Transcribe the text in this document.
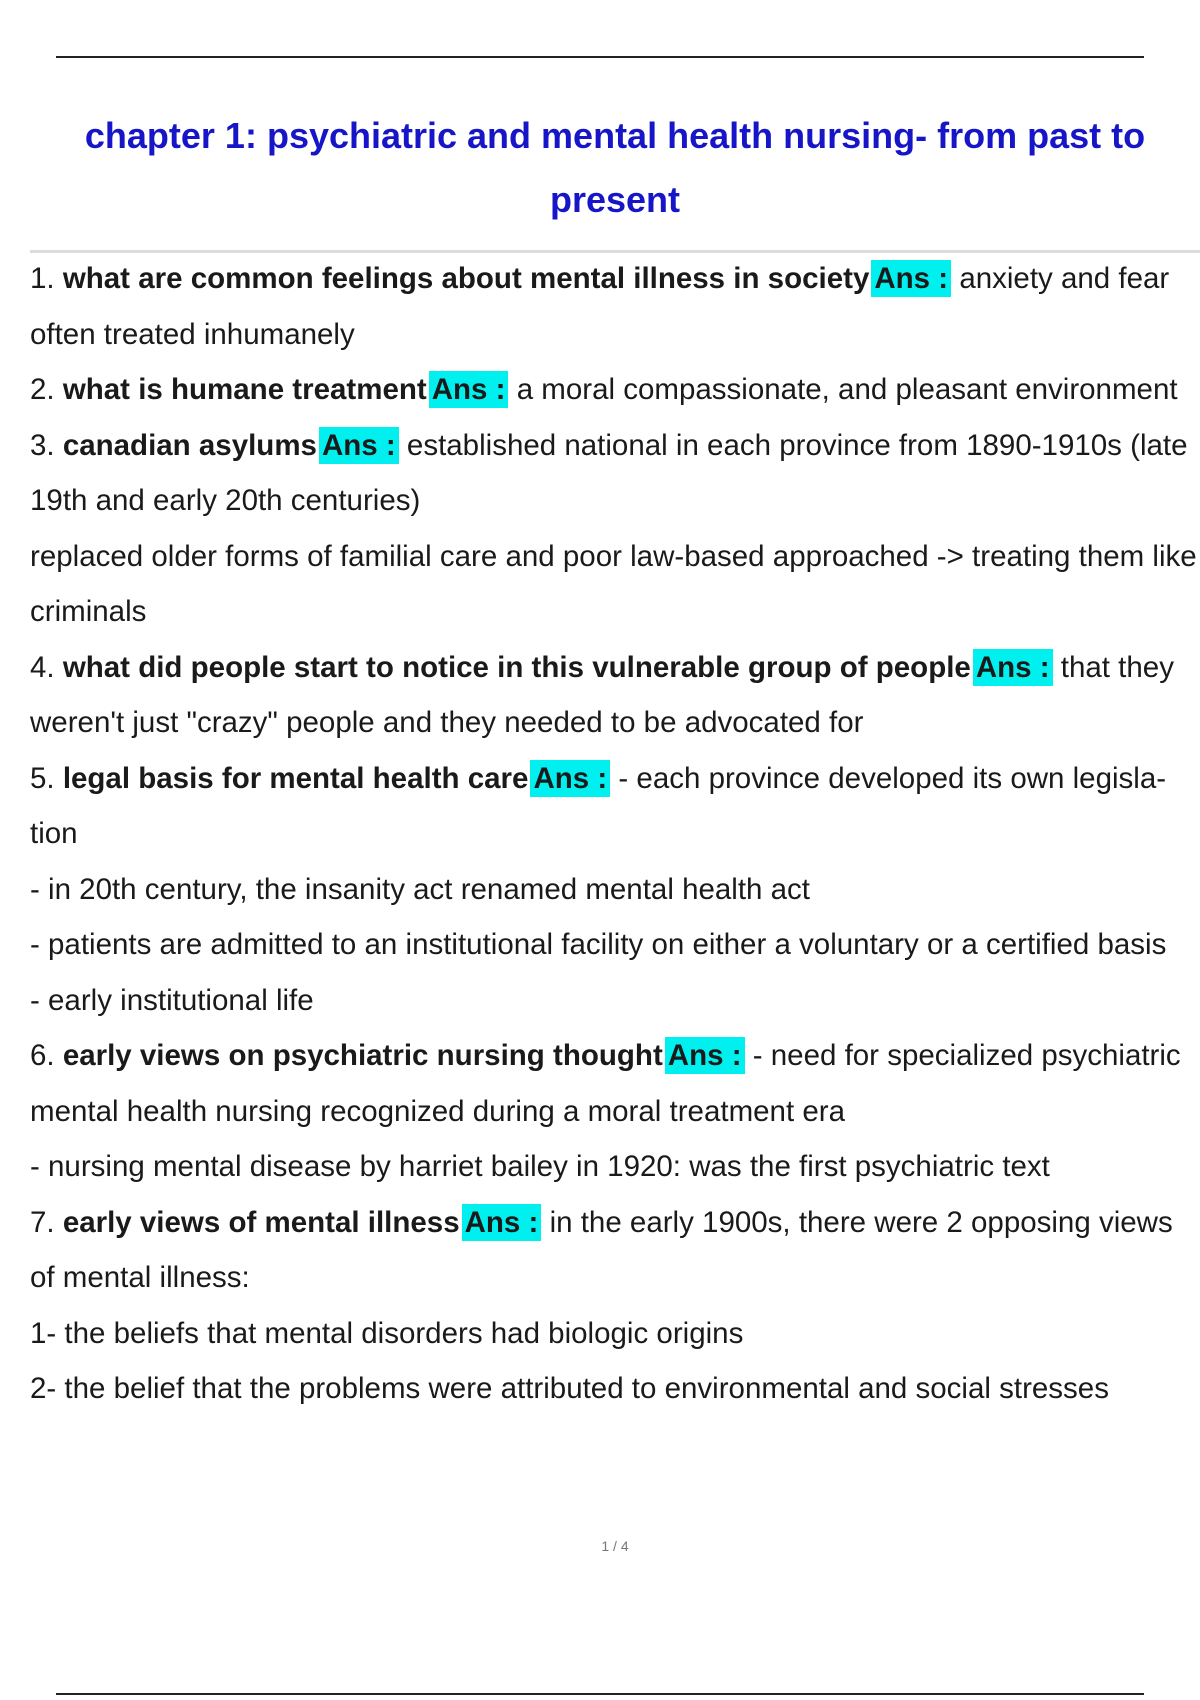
chapter 1: psychiatric and mental health nursing- from past to present

1. what are common feelings about mental illness in society Ans : anxiety and fear often treated inhumanely

2. what is humane treatment Ans : a moral compassionate, and pleasant environment

3. canadian asylums Ans : established national in each province from 1890-1910s (late 19th and early 20th centuries)

replaced older forms of familial care and poor law-based approached -> treating them like criminals

4. what did people start to notice in this vulnerable group of people Ans : that they weren't just "crazy" people and they needed to be advocated for

5. legal basis for mental health care Ans : - each province developed its own legisla- tion

- in 20th century, the insanity act renamed mental health act

- patients are admitted to an institutional facility on either a voluntary or a certified basis

- early institutional life

6. early views on psychiatric nursing thought Ans : - need for specialized psychiatric mental health nursing recognized during a moral treatment era

- nursing mental disease by harriet bailey in 1920: was the first psychiatric text

7. early views of mental illness Ans : in the early 1900s, there were 2 opposing views of mental illness:

1- the beliefs that mental disorders had biologic origins

2- the belief that the problems were attributed to environmental and social stresses

1 / 4
